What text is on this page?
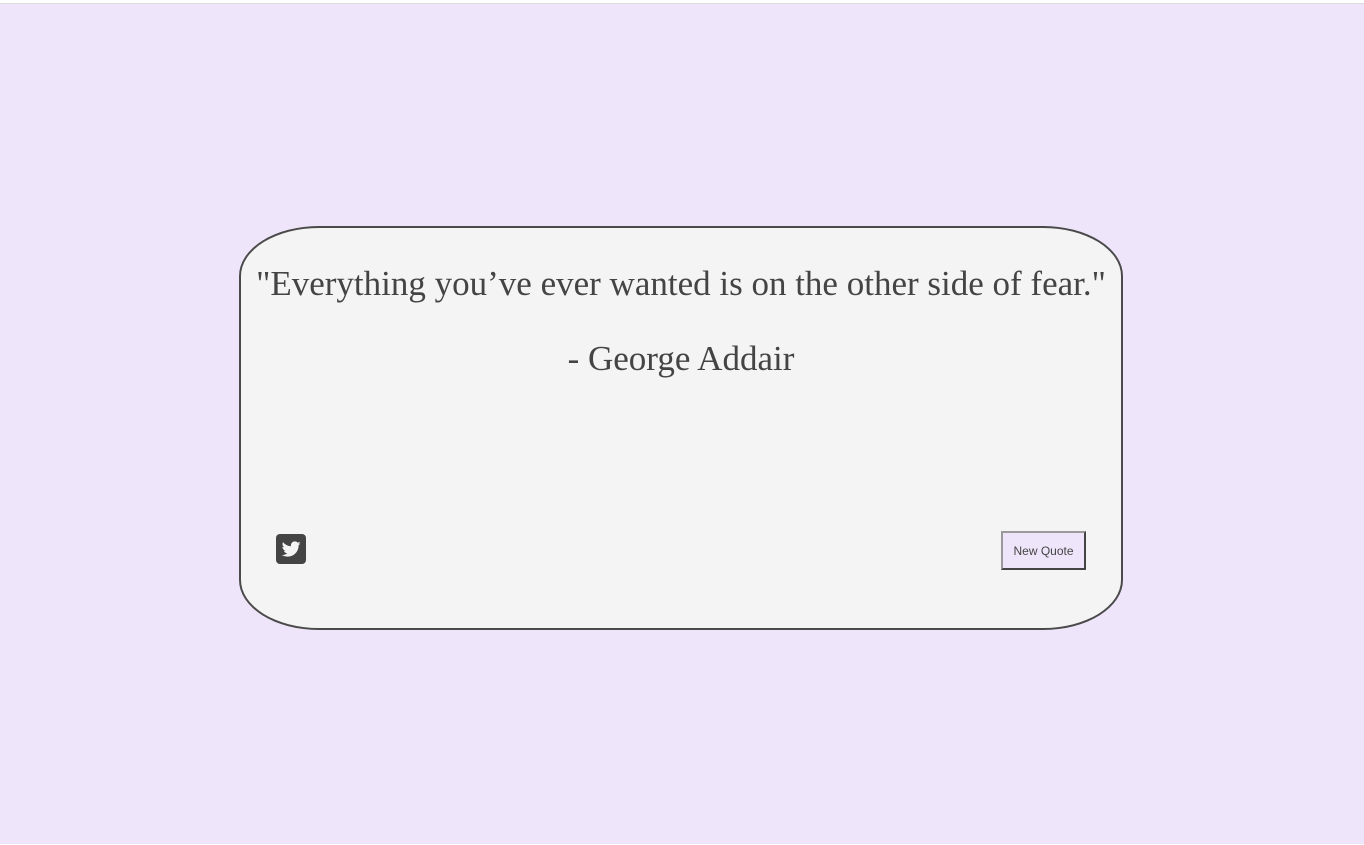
"Everything you’ve ever wanted is on the other side of fear."

- George Addair

New Quote
